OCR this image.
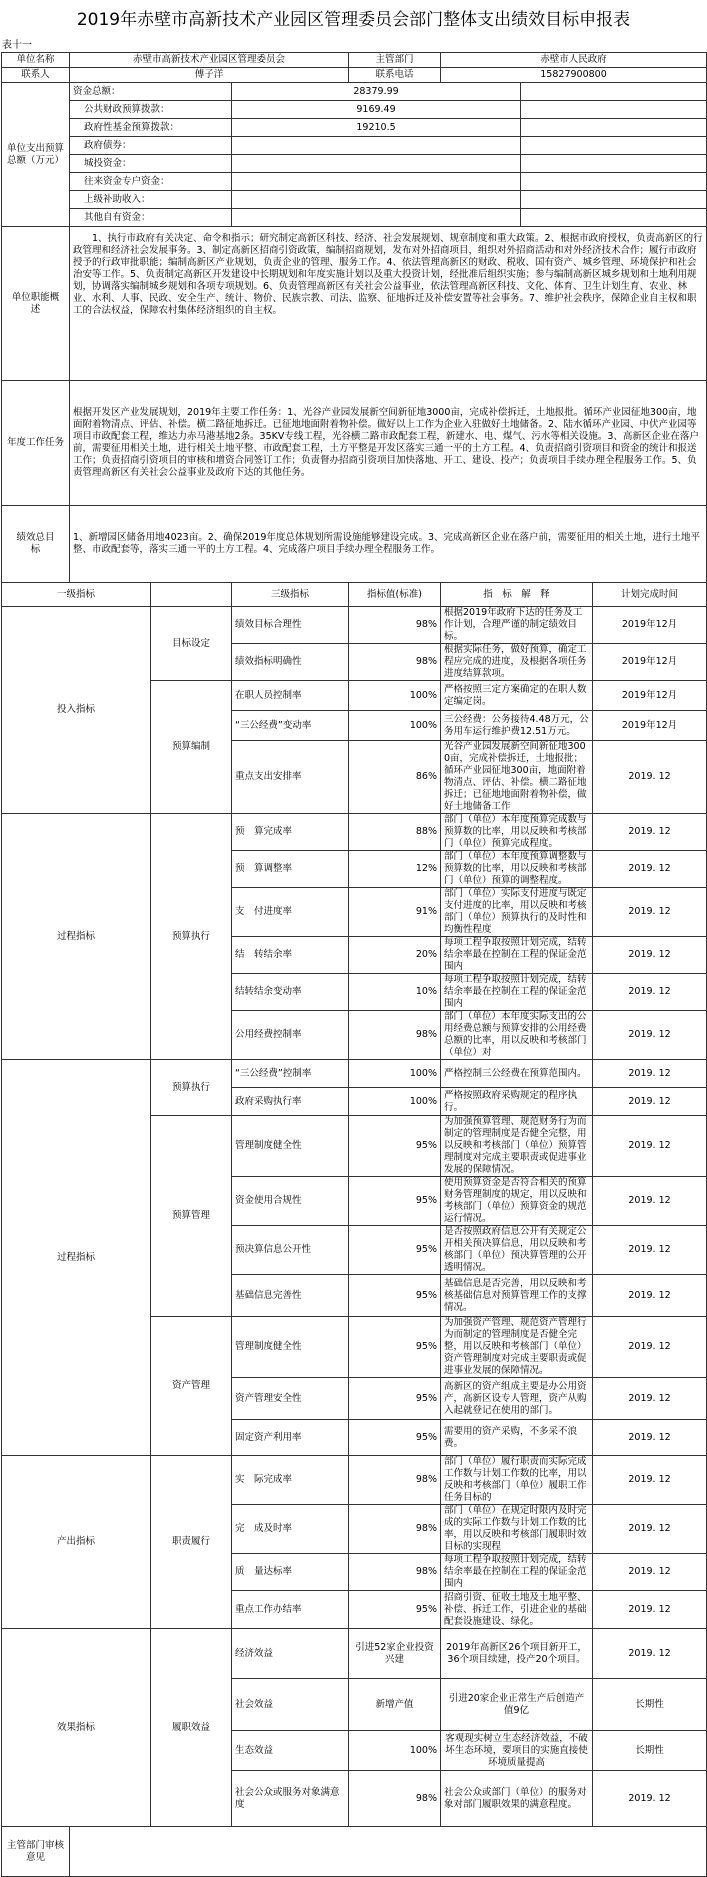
2019年赤壁市高新技术产业园区管理委员会部门整体支出绩效目标申报表
表十一
单位名称	赤壁市高新技术产业园区管理委员会			主管部门	赤壁市人民政府		
联系人	傅子洋			联系电话	15827900800		
单位支出预算总额（万元）	资金总额：		28379.99				
	公共财政预算拨款：		9169.49				
	政府性基金预算拨款：		19210.5				
	政府债券：						
	城投资金：						
	往来资金专户资金：						
	上级补助收入：						
	其他自有资金：						
单位职能概　　述	1、执行市政府有关决定、命令和指示；研究制定高新区科技、经济、社会发展规划、规章制度和重大政策。2、根据市政府授权，负责高新区的行政管理和经济社会发展事务。3、制定高新区招商引资政策，编制招商规划，发布对外招商项目，组织对外招商活动和对外经济技术合作；履行市政府授予的行政审批职能；编制高新区产业规划，负责企业的管理、服务工作。4、依法管理高新区的财政、税收、国有资产、城乡管理、环境保护和社会治安等工作。5、负责制定高新区开发建设中长期规划和年度实施计划以及重大投资计划，经批准后组织实施；参与编制高新区城乡规划和土地利用规划，协调落实编制城乡规划和各项专项规划。6、负责管理高新区有关社会公益事业，依法管理高新区科技、文化、体育、卫生计划生育、农业、林业、水利、人事、民政、安全生产、统计、物价、民族宗教、司法、监察、征地拆迁及补偿安置等社会事务。7、维护社会秩序，保障企业自主权和职工的合法权益，保障农村集体经济组织的自主权。						
年度工作任务	根据开发区产业发展规划，2019年主要工作任务：1、光谷产业园发展新空间新征地3000亩，完成补偿拆迁，土地报批。循环产业园征地300亩，地面附着物清点、评估、补偿。横二路征地拆迁。已征地地面附着物补偿。做好以上工作为企业入驻做好土地储备。2、陆水循环产业园、中伏产业园等项目市政配套工程，维达力赤马港基地2条。35KV专线工程，光谷横二路市政配套工程，新建水、电、煤气、污水等相关设施。3、高新区企业在落户前，需要征用相关土地，进行相关土地平整、市政配套工程，土方平整是开发区落实三通一平的土方工程。4、负责招商引资项目和资金的统计和报送工作；负责招商引资项目的审核和增资合同签订工作；负责督办招商引资项目加快落地、开工、建设、投产；负责项目手续办理全程服务工作。5、负责管理高新区有关社会公益事业及政府下达的其他任务。						
绩效总目　　标	1、新增园区储备用地4023亩。2、确保2019年度总体规划所需设施能够建设完成。3、完成高新区企业在落户前，需要征用的相关土地，进行土地平整、市政配套等，落实三通一平的土方工程。4、完成落户项目手续办理全程服务工作。						
一级指标			三级指标	指标值(标准)	指　标　解　释		计划完成时间
投入指标		目标设定	绩效目标合理性	98%	根据2019年政府下达的任务及工作计划，合理严谨的制定绩效目标。		2019年12月
			绩效指标明确性	98%	根据实际任务，做好预算，确定工程应完成的进度，及根据各项任务进度结算款项。		2019年12月
		预算编制	在职人员控制率	100%	严格按照三定方案确定的在职人数定编定岗。		2019年12月
			“三公经费”变动率	100%	三公经费：公务接待4.48万元，公务用车运行维护费12.51万元。		2019年12月
			重点支出安排率	86%	光谷产业园发展新空间新征地3000亩，完成补偿拆迁，土地报批；循环产业园征地300亩，地面附着物清点、评估、补偿。横二路征地拆迁；已征地地面附着物补偿，做好土地储备工作		2019. 12
过程指标		预算执行	预　算完成率	88%	部门（单位）本年度预算完成数与预算数的比率，用以反映和考核部门（单位）预算完成程度。		2019. 12
			预　算调整率	12%	部门（单位）本年度预算调整数与预算数的比率，用以反映和考核部门（单位）预算的调整程度。		2019. 12
			支　付进度率	91%	部门（单位）实际支付进度与既定支付进度的比率，用以反映和考核部门（单位）预算执行的及时性和均衡性程度		2019. 12
			结　转结余率	20%	每项工程争取按照计划完成，结转结余率最在控制在工程的保证金范围内		2019. 12
			结转结余变动率	10%	每项工程争取按照计划完成，结转结余率最在控制在工程的保证金范围内		2019. 12
			公用经费控制率	98%	部门（单位）本年度实际支出的公用经费总额与预算安排的公用经费总额的比率，用以反映和考核部门（单位）对		2019. 12
过程指标		预算执行	“三公经费”控制率	100%	严格控制三公经费在预算范围内。		2019. 12
			政府采购执行率	100%	严格按照政府采购规定的程序执行。		2019. 12
		预算管理	管理制度健全性	95%	为加强预算管理、规范财务行为而制定的管理制度是否健全完整，用以反映和考核部门（单位）预算管理制度对完成主要职责或促进事业发展的保障情况。		2019. 12
			资金使用合规性	95%	使用预算资金是否符合相关的预算财务管理制度的规定，用以反映和考核部门（单位）预算资金的规范运行情况。		2019. 12
			预决算信息公开性	95%	是否按照政府信息公开有关规定公开相关预决算信息，用以反映和考核部门（单位）预决算管理的公开透明情况。		2019. 12
			基础信息完善性	95%	基础信息是否完善，用以反映和考核基础信息对预算管理工作的支撑情况。		2019. 12
		资产管理	管理制度健全性	95%	为加强资产管理、规范资产管理行为而制定的管理制度是否健全完整，用以反映和考核部门（单位）资产管理制度对完成主要职责或促进事业发展的保障情况。		2019. 12
			资产管理安全性	95%	高新区的资产组成主要是办公用资产，高新区设专人管理，资产从购入起就登记在使用的部门。		2019. 12
			固定资产利用率	95%	需要用的资产采购，不多采不浪费。		2019. 12
产出指标		职责履行	实　际完成率	98%	部门（单位）履行职责而实际完成工作数与计划工作数的比率，用以反映和考核部门（单位）履职工作任务目标的		2019. 12
			完　成及时率	98%	部门（单位）在规定时限内及时完成的实际工作数与计划工作数的比率，用以反映和考核部门履职时效目标的实现程		2019. 12
			质　量达标率	98%	每项工程争取按照计划完成，结转结余率最在控制在工程的保证金范围内		2019. 12
			重点工作办结率	95%	招商引资、征收土地及土地平整、补偿、拆迁工作，引进企业的基础配套设施建设、绿化。		2019. 12
效果指标		履职效益	经济效益	引进52家企业投资兴建	2019年高新区26个项目新开工，36个项目续建，投产20个项目。		2019. 12
			社会效益	新增产值	引进20家企业正常生产后创造产值9亿		长期性
			生态效益	100%	客观现实树立生态经济效益，不破坏生态环境，要项目的实施直接使环境质量提高		长期性
			社会公众或服务对象满意度	98%	社会公众或部门（单位）的服务对象对部门履职效果的满意程度。		2019. 12
主管部门审核意见							
